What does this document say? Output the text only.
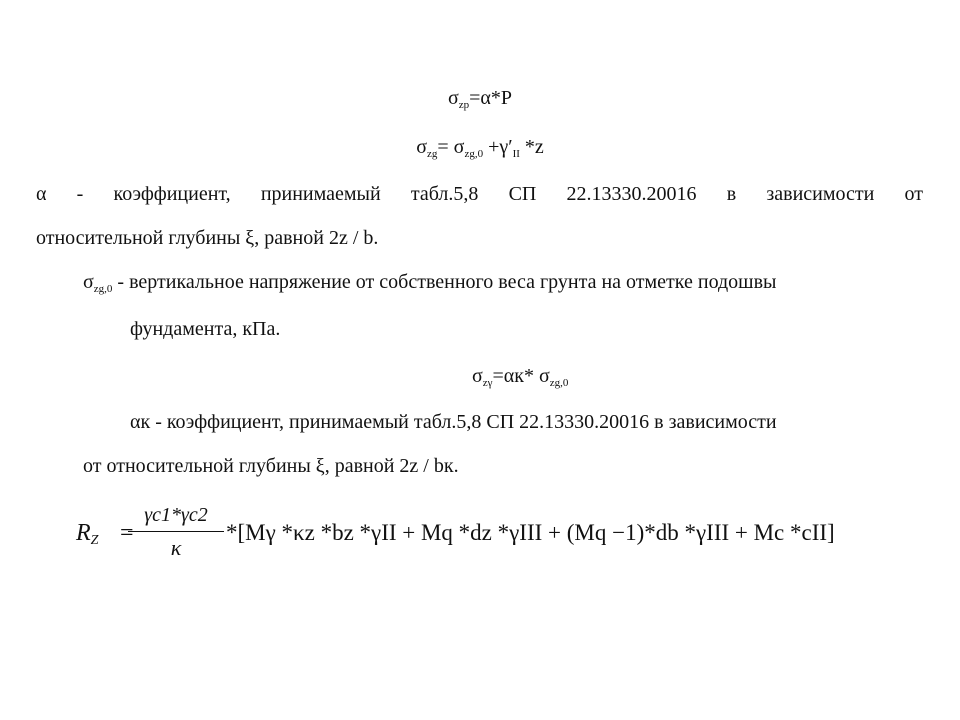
$\sigma_{zp}=\alpha*Р$
$\sigma_{zg}= \sigma_{zg,0} +\gamma'_{II}$ *z
α - коэффициент, принимаемый табл.5,8 СП 22.13330.20016 в зависимости от
относительной глубины ξ, равной 2z / b.
$\sigma_{zg,0}$ - вертикальное напряжение от собственного веса грунта на отметке подошвы
фундамента, кПа.
$\sigma_{z\gamma}=\alpha к*$ $\sigma_{zg,0}$
αк - коэффициент, принимаемый табл.5,8 СП 22.13330.20016 в зависимости
от относительной глубины ξ, равной 2z / bк.
$R_Z$ =
γc1*γc2
κ
*[Mγ *κz *bz *γII + Mq *dz *γIII + (Mq −1)*db *γIII + Mc *cII]
